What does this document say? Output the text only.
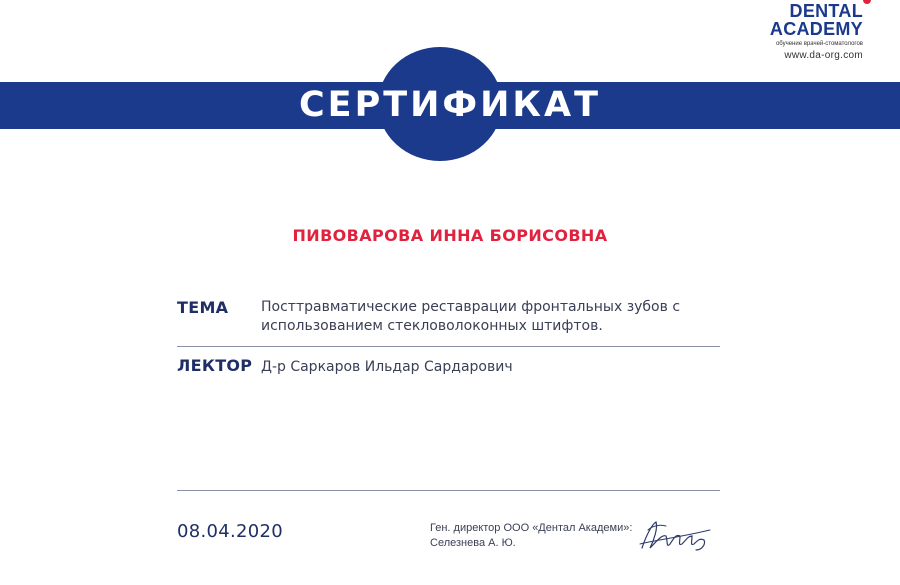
DENTAL
ACADEMY
обучение врачей-стоматологов
www.da-org.com
СЕРТИФИКАТ
ПИВОВАРОВА ИННА БОРИСОВНА
ТЕМА Посттравматические реставрации фронтальных зубов с
использованием стекловолоконных штифтов.
ЛЕКТОР Д-р Саркаров Ильдар Сардарович
08.04.2020	Ген. директор ООО «Дентал Академи»:
Селезнева А. Ю.
